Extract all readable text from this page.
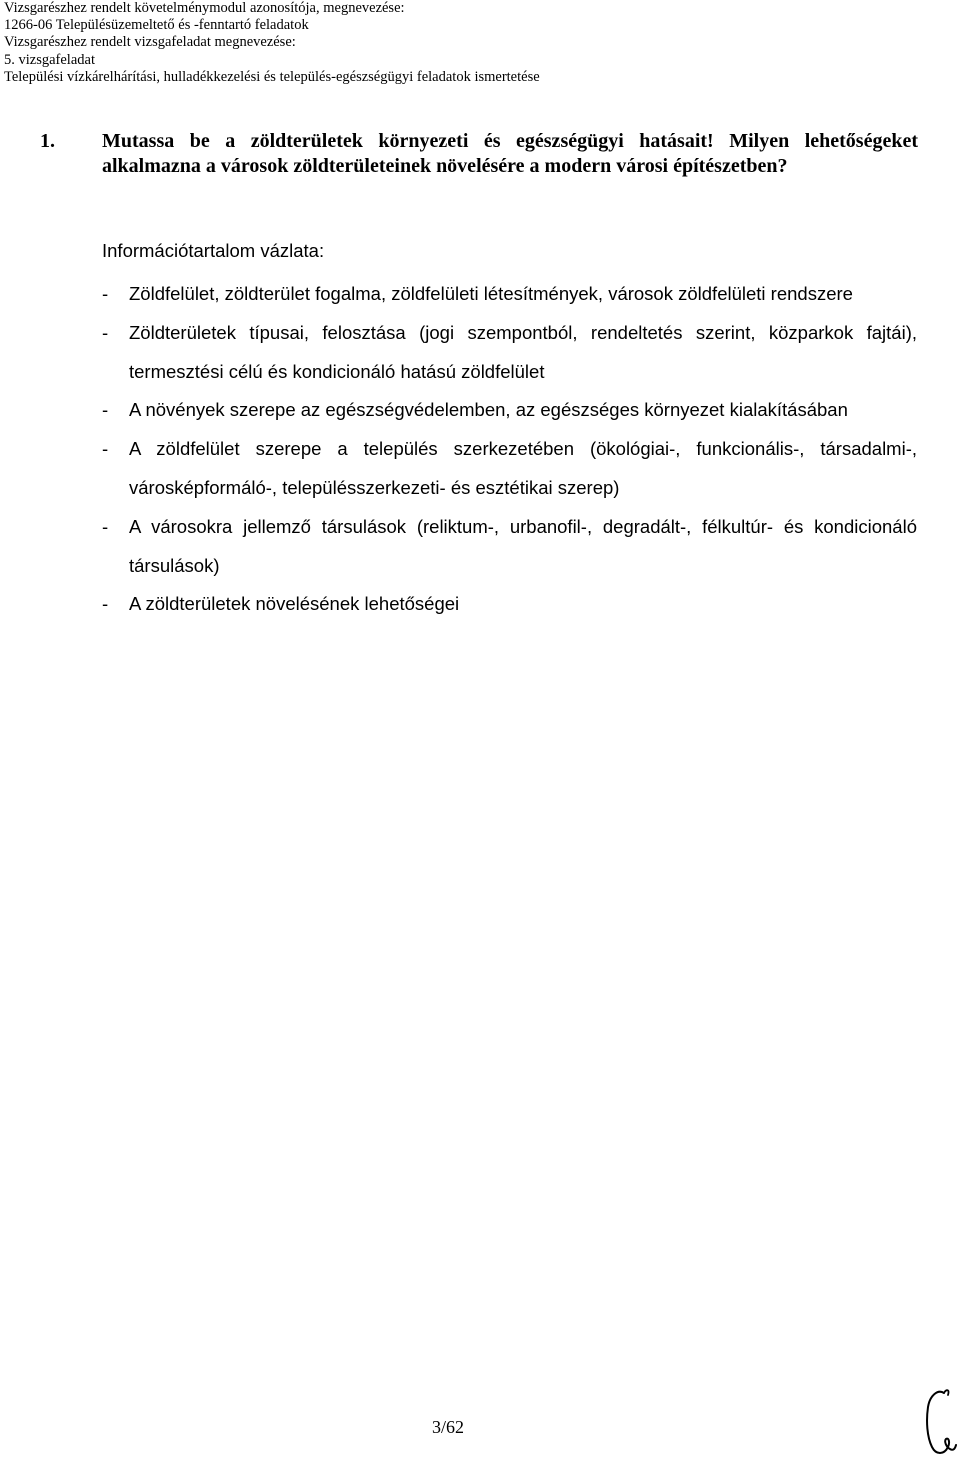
Vizsgarészhez rendelt követelménymodul azonosítója, megnevezése:
1266-06 Településüzemeltető és -fenntartó feladatok
Vizsgarészhez rendelt vizsgafeladat megnevezése:
5. vizsgafeladat
Települési vízkárelhárítási, hulladékkezelési és település-egészségügyi feladatok ismertetése
1. Mutassa be a zöldterületek környezeti és egészségügyi hatásait! Milyen lehetőségeket alkalmazna a városok zöldterületeinek növelésére a modern városi építészetben?
Információtartalom vázlata:
- Zöldfelület, zöldterület fogalma, zöldfelületi létesítmények, városok zöldfelületi rendszere
- Zöldterületek típusai, felosztása (jogi szempontból, rendeltetés szerint, közparkok fajtái), termesztési célú és kondicionáló hatású zöldfelület
- A növények szerepe az egészségvédelemben, az egészséges környezet kialakításában
- A zöldfelület szerepe a település szerkezetében (ökológiai-, funkcionális-, társadalmi-, városképformáló-, településszerkezeti- és esztétikai szerep)
- A városokra jellemző társulások (reliktum-, urbanofil-, degradált-, félkultúr- és kondicionáló társulások)
- A zöldterületek növelésének lehetőségei
3/62
